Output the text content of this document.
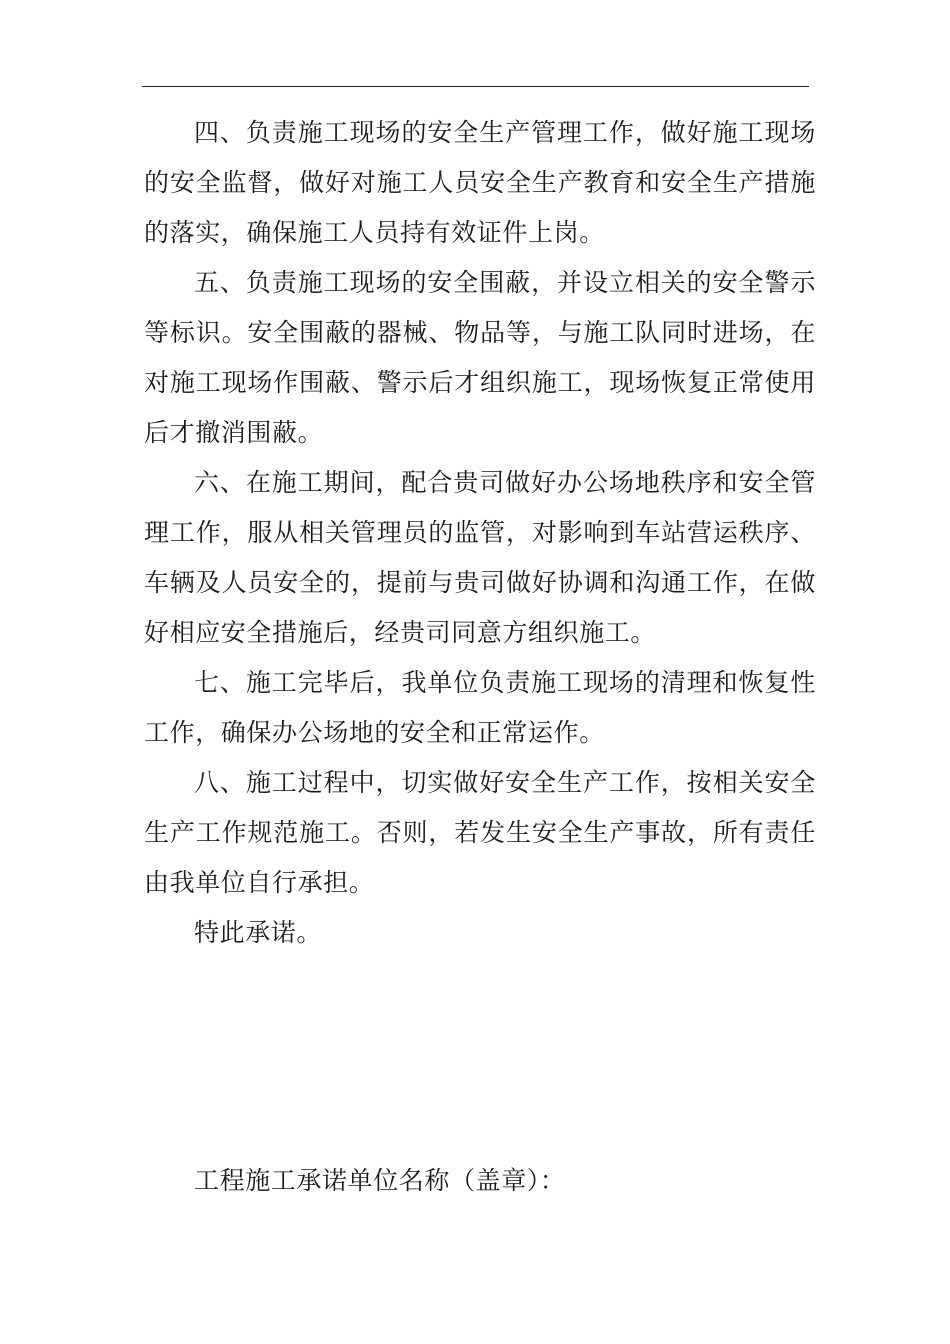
四、负责施工现场的安全生产管理工作，做好施工现场的安全监督，做好对施工人员安全生产教育和安全生产措施的落实，确保施工人员持有效证件上岗。

五、负责施工现场的安全围蔽，并设立相关的安全警示等标识。安全围蔽的器械、物品等，与施工队同时进场，在对施工现场作围蔽、警示后才组织施工，现场恢复正常使用后才撤消围蔽。

六、在施工期间，配合贵司做好办公场地秩序和安全管理工作，服从相关管理员的监管，对影响到车站营运秩序、车辆及人员安全的，提前与贵司做好协调和沟通工作，在做好相应安全措施后，经贵司同意方组织施工。

七、施工完毕后，我单位负责施工现场的清理和恢复性工作，确保办公场地的安全和正常运作。

八、施工过程中，切实做好安全生产工作，按相关安全生产工作规范施工。否则，若发生安全生产事故，所有责任由我单位自行承担。

特此承诺。

工程施工承诺单位名称（盖章）：
